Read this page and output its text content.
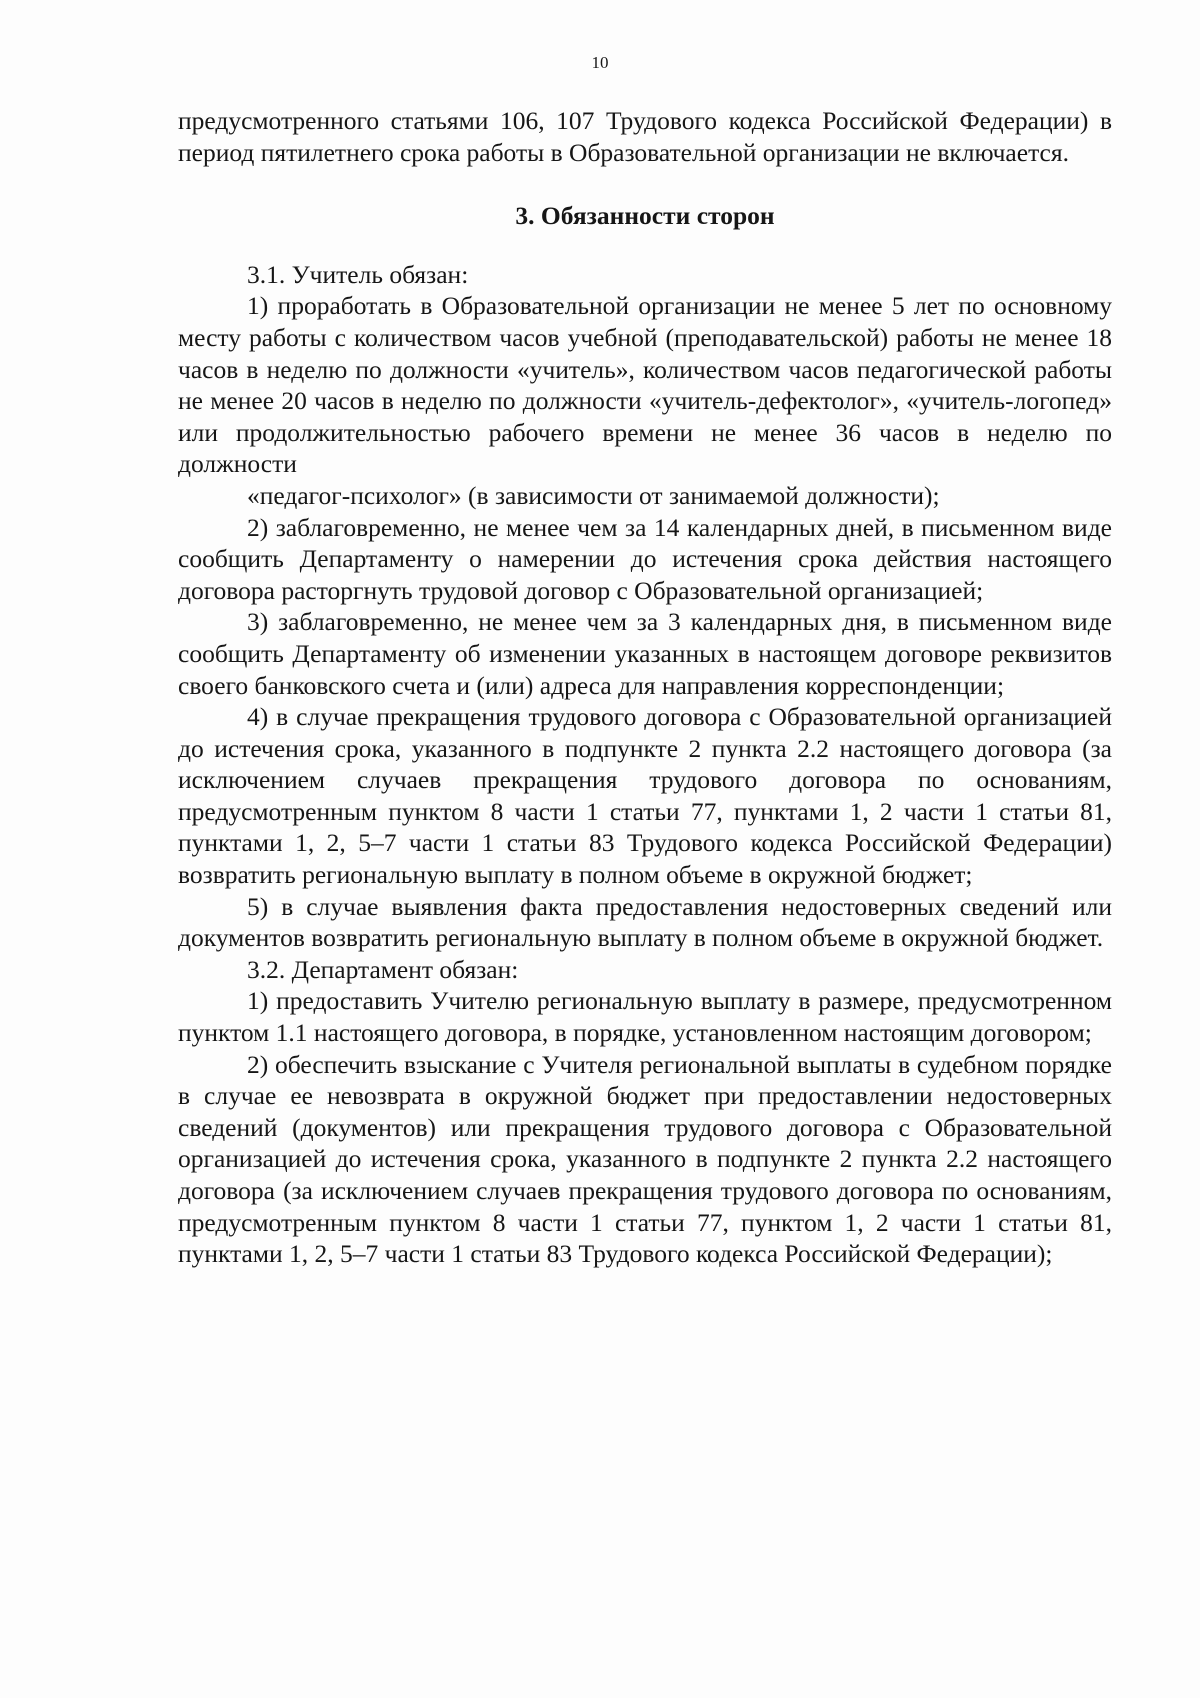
10

предусмотренного статьями 106, 107 Трудового кодекса Российской Федерации) в период пятилетнего срока работы в Образовательной организации не включается.

3. Обязанности сторон

3.1. Учитель обязан:

1) проработать в Образовательной организации не менее 5 лет по основному месту работы с количеством часов учебной (преподавательской) работы не менее 18 часов в неделю по должности «учитель», количеством часов педагогической работы не менее 20 часов в неделю по должности «учитель-дефектолог», «учитель-логопед» или продолжительностью рабочего времени не менее 36 часов в неделю по должности

«педагог-психолог» (в зависимости от занимаемой должности);

2) заблаговременно, не менее чем за 14 календарных дней, в письменном виде сообщить Департаменту о намерении до истечения срока действия настоящего договора расторгнуть трудовой договор с Образовательной организацией;

3) заблаговременно, не менее чем за 3 календарных дня, в письменном виде сообщить Департаменту об изменении указанных в настоящем договоре реквизитов своего банковского счета и (или) адреса для направления корреспонденции;

4) в случае прекращения трудового договора с Образовательной организацией до истечения срока, указанного в подпункте 2 пункта 2.2 настоящего договора (за исключением случаев прекращения трудового договора по основаниям, предусмотренным пунктом 8 части 1 статьи 77, пунктами 1, 2 части 1 статьи 81, пунктами 1, 2, 5–7 части 1 статьи 83 Трудового кодекса Российской Федерации) возвратить региональную выплату в полном объеме в окружной бюджет;

5) в случае выявления факта предоставления недостоверных сведений или документов возвратить региональную выплату в полном объеме в окружной бюджет.

3.2. Департамент обязан:

1) предоставить Учителю региональную выплату в размере, предусмотренном пунктом 1.1 настоящего договора, в порядке, установленном настоящим договором;

2) обеспечить взыскание с Учителя региональной выплаты в судебном порядке в случае ее невозврата в окружной бюджет при предоставлении недостоверных сведений (документов) или прекращения трудового договора с Образовательной организацией до истечения срока, указанного в подпункте 2 пункта 2.2 настоящего договора (за исключением случаев прекращения трудового договора по основаниям, предусмотренным пунктом 8 части 1 статьи 77, пунктом 1, 2 части 1 статьи 81, пунктами 1, 2, 5–7 части 1 статьи 83 Трудового кодекса Российской Федерации);
